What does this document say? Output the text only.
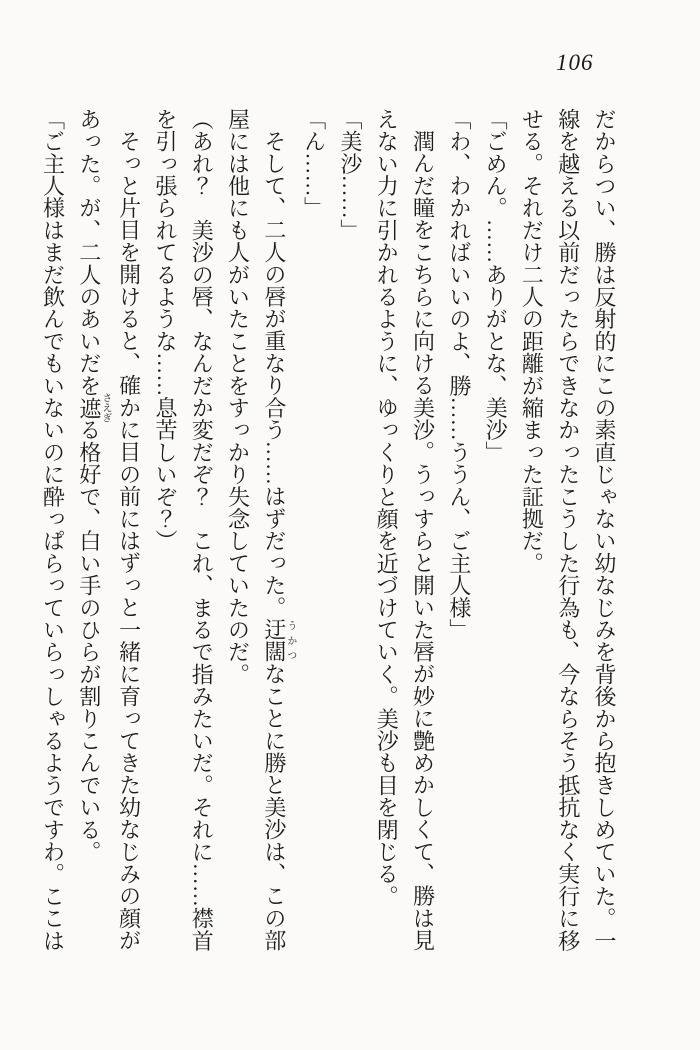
106
だからつい、勝は反射的にこの素直じゃない幼なじみを背後から抱きしめていた。一
線を越える以前だったらできなかったこうした行為も、今ならそう抵抗なく実行に移
せる。それだけ二人の距離が縮まった証拠だ。
「ごめん。……ありがとな、美沙」
「わ、わかればいいのよ、勝……ううん、ご主人様」
潤んだ瞳をこちらに向ける美沙。うっすらと開いた唇が妙に艶めかしくて、勝は見
えない力に引かれるように、ゆっくりと顔を近づけていく。美沙も目を閉じる。
「美沙……」
「ん……」
そして、二人の唇が重なり合う……はずだった。迂闊うかつなことに勝と美沙は、この部
屋には他にも人がいたことをすっかり失念していたのだ。
（あれ？　美沙の唇、なんだか変だぞ？　これ、まるで指みたいだ。それに……襟首
を引っ張られてるような……息苦しいぞ？）
そっと片目を開けると、確かに目の前にはずっと一緒に育ってきた幼なじみの顔が
あった。が、二人のあいだを遮さえぎる格好で、白い手のひらが割りこんでいる。
「ご主人様はまだ飲んでもいないのに酔っぱらっていらっしゃるようですわ。ここは
